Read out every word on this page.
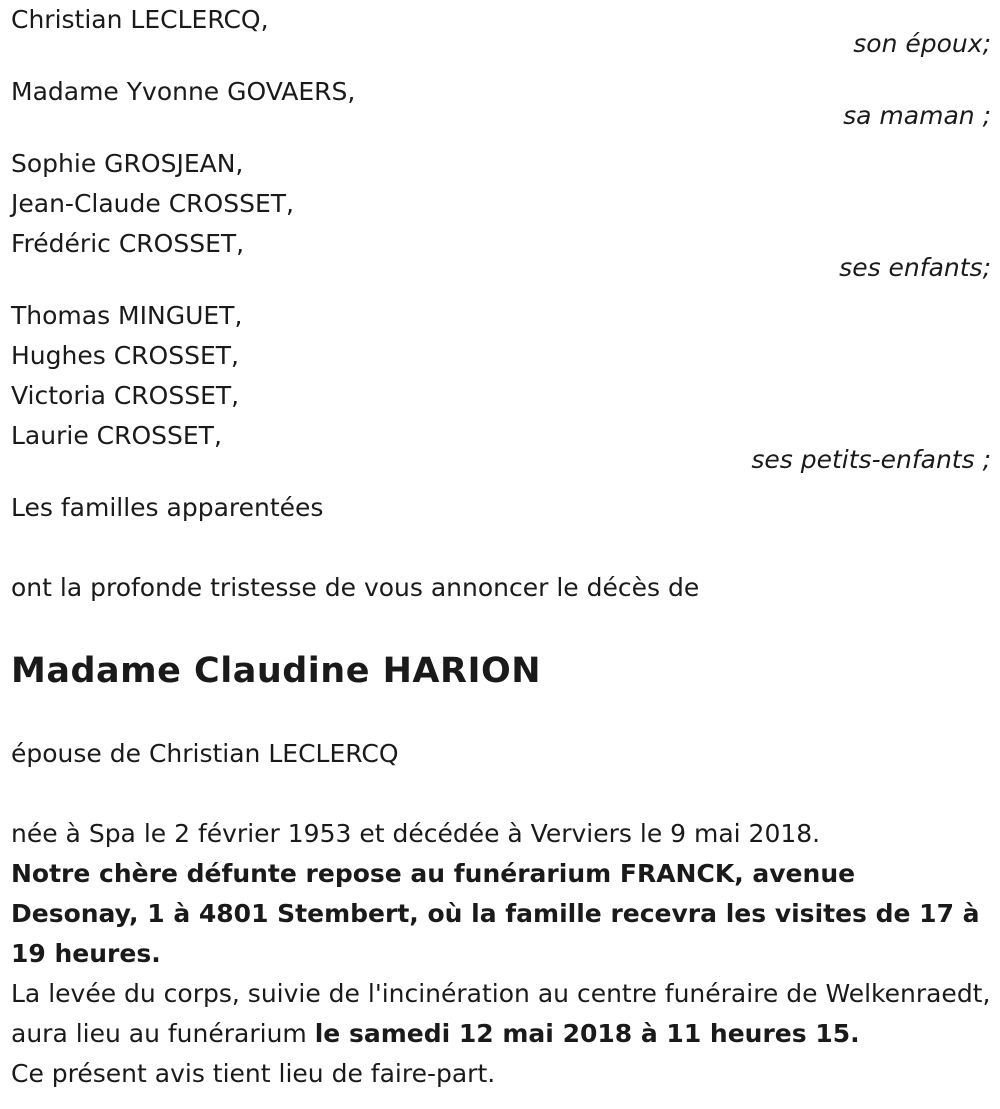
Christian LECLERCQ,
son époux;
Madame Yvonne GOVAERS,
sa maman ;
Sophie GROSJEAN,
Jean-Claude CROSSET,
Frédéric CROSSET,
ses enfants;
Thomas MINGUET,
Hughes CROSSET,
Victoria CROSSET,
Laurie CROSSET,
ses petits-enfants ;
Les familles apparentées
ont la profonde tristesse de vous annoncer le décès de
Madame Claudine HARION
épouse de Christian LECLERCQ
née à Spa le 2 février 1953 et décédée à Verviers le 9 mai 2018.
Notre chère défunte repose au funérarium FRANCK, avenue Desonay, 1 à 4801 Stembert, où la famille recevra les visites de 17 à 19 heures.
La levée du corps, suivie de l'incinération au centre funéraire de Welkenraedt, aura lieu au funérarium le samedi 12 mai 2018 à 11 heures 15.
Ce présent avis tient lieu de faire-part.
